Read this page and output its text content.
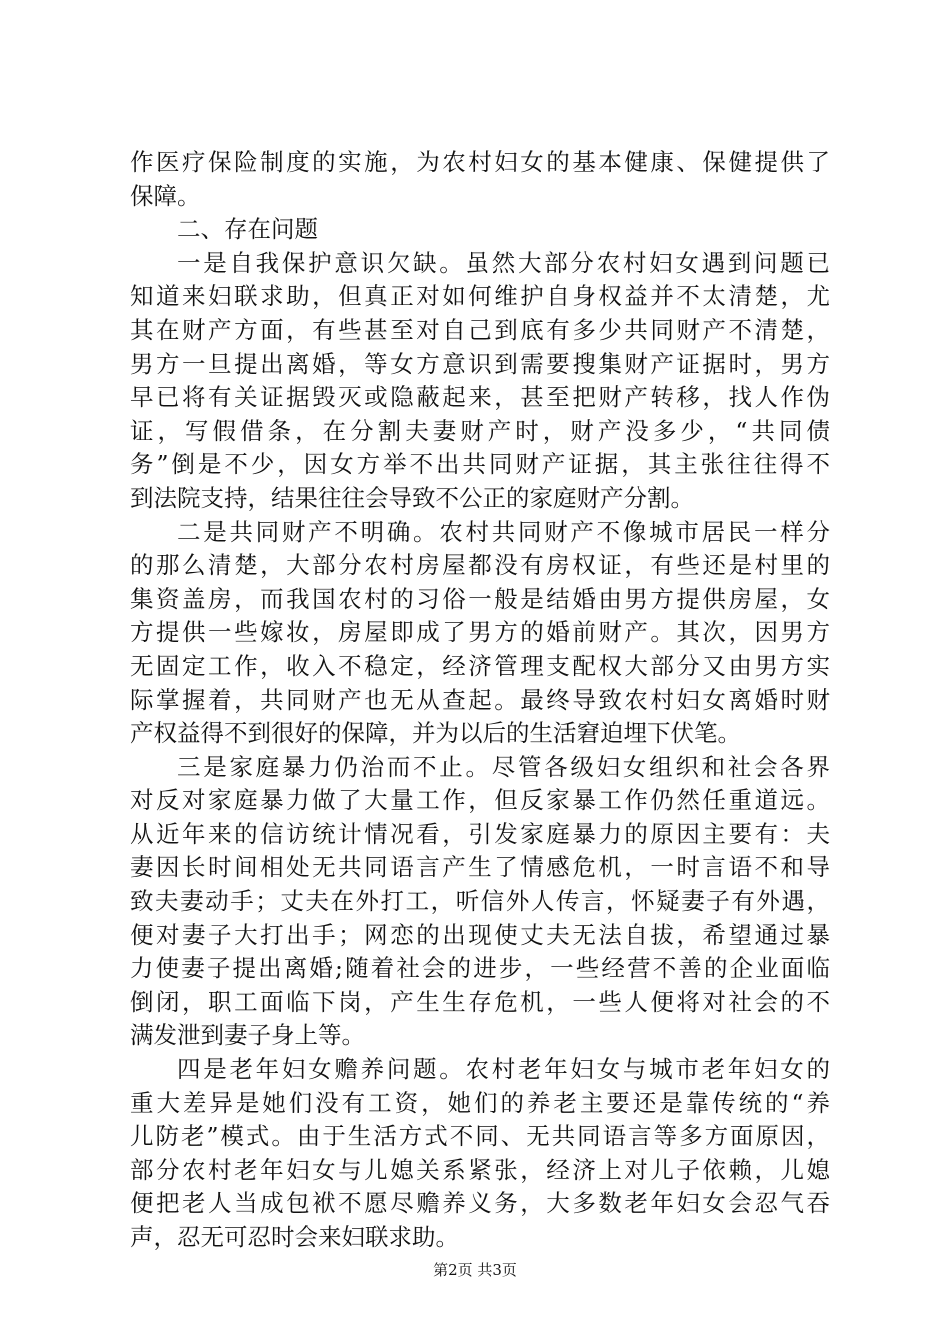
作医疗保险制度的实施，为农村妇女的基本健康、保健提供了
保障。
二、存在问题
一是自我保护意识欠缺。虽然大部分农村妇女遇到问题已
知道来妇联求助，但真正对如何维护自身权益并不太清楚，尤
其在财产方面，有些甚至对自己到底有多少共同财产不清楚，
男方一旦提出离婚，等女方意识到需要搜集财产证据时，男方
早已将有关证据毁灭或隐蔽起来，甚至把财产转移，找人作伪
证，写假借条，在分割夫妻财产时，财产没多少，“共同债
务”倒是不少，因女方举不出共同财产证据，其主张往往得不
到法院支持，结果往往会导致不公正的家庭财产分割。
二是共同财产不明确。农村共同财产不像城市居民一样分
的那么清楚，大部分农村房屋都没有房权证，有些还是村里的
集资盖房，而我国农村的习俗一般是结婚由男方提供房屋，女
方提供一些嫁妆，房屋即成了男方的婚前财产。其次，因男方
无固定工作，收入不稳定，经济管理支配权大部分又由男方实
际掌握着，共同财产也无从查起。最终导致农村妇女离婚时财
产权益得不到很好的保障，并为以后的生活窘迫埋下伏笔。
三是家庭暴力仍治而不止。尽管各级妇女组织和社会各界
对反对家庭暴力做了大量工作，但反家暴工作仍然任重道远。
从近年来的信访统计情况看，引发家庭暴力的原因主要有：夫
妻因长时间相处无共同语言产生了情感危机，一时言语不和导
致夫妻动手；丈夫在外打工，听信外人传言，怀疑妻子有外遇，
便对妻子大打出手；网恋的出现使丈夫无法自拔，希望通过暴
力使妻子提出离婚;随着社会的进步，一些经营不善的企业面临
倒闭，职工面临下岗，产生生存危机，一些人便将对社会的不
满发泄到妻子身上等。
四是老年妇女赡养问题。农村老年妇女与城市老年妇女的
重大差异是她们没有工资，她们的养老主要还是靠传统的“养
儿防老”模式。由于生活方式不同、无共同语言等多方面原因，
部分农村老年妇女与儿媳关系紧张，经济上对儿子依赖，儿媳
便把老人当成包袱不愿尽赡养义务，大多数老年妇女会忍气吞
声，忍无可忍时会来妇联求助。
第2页 共3页
